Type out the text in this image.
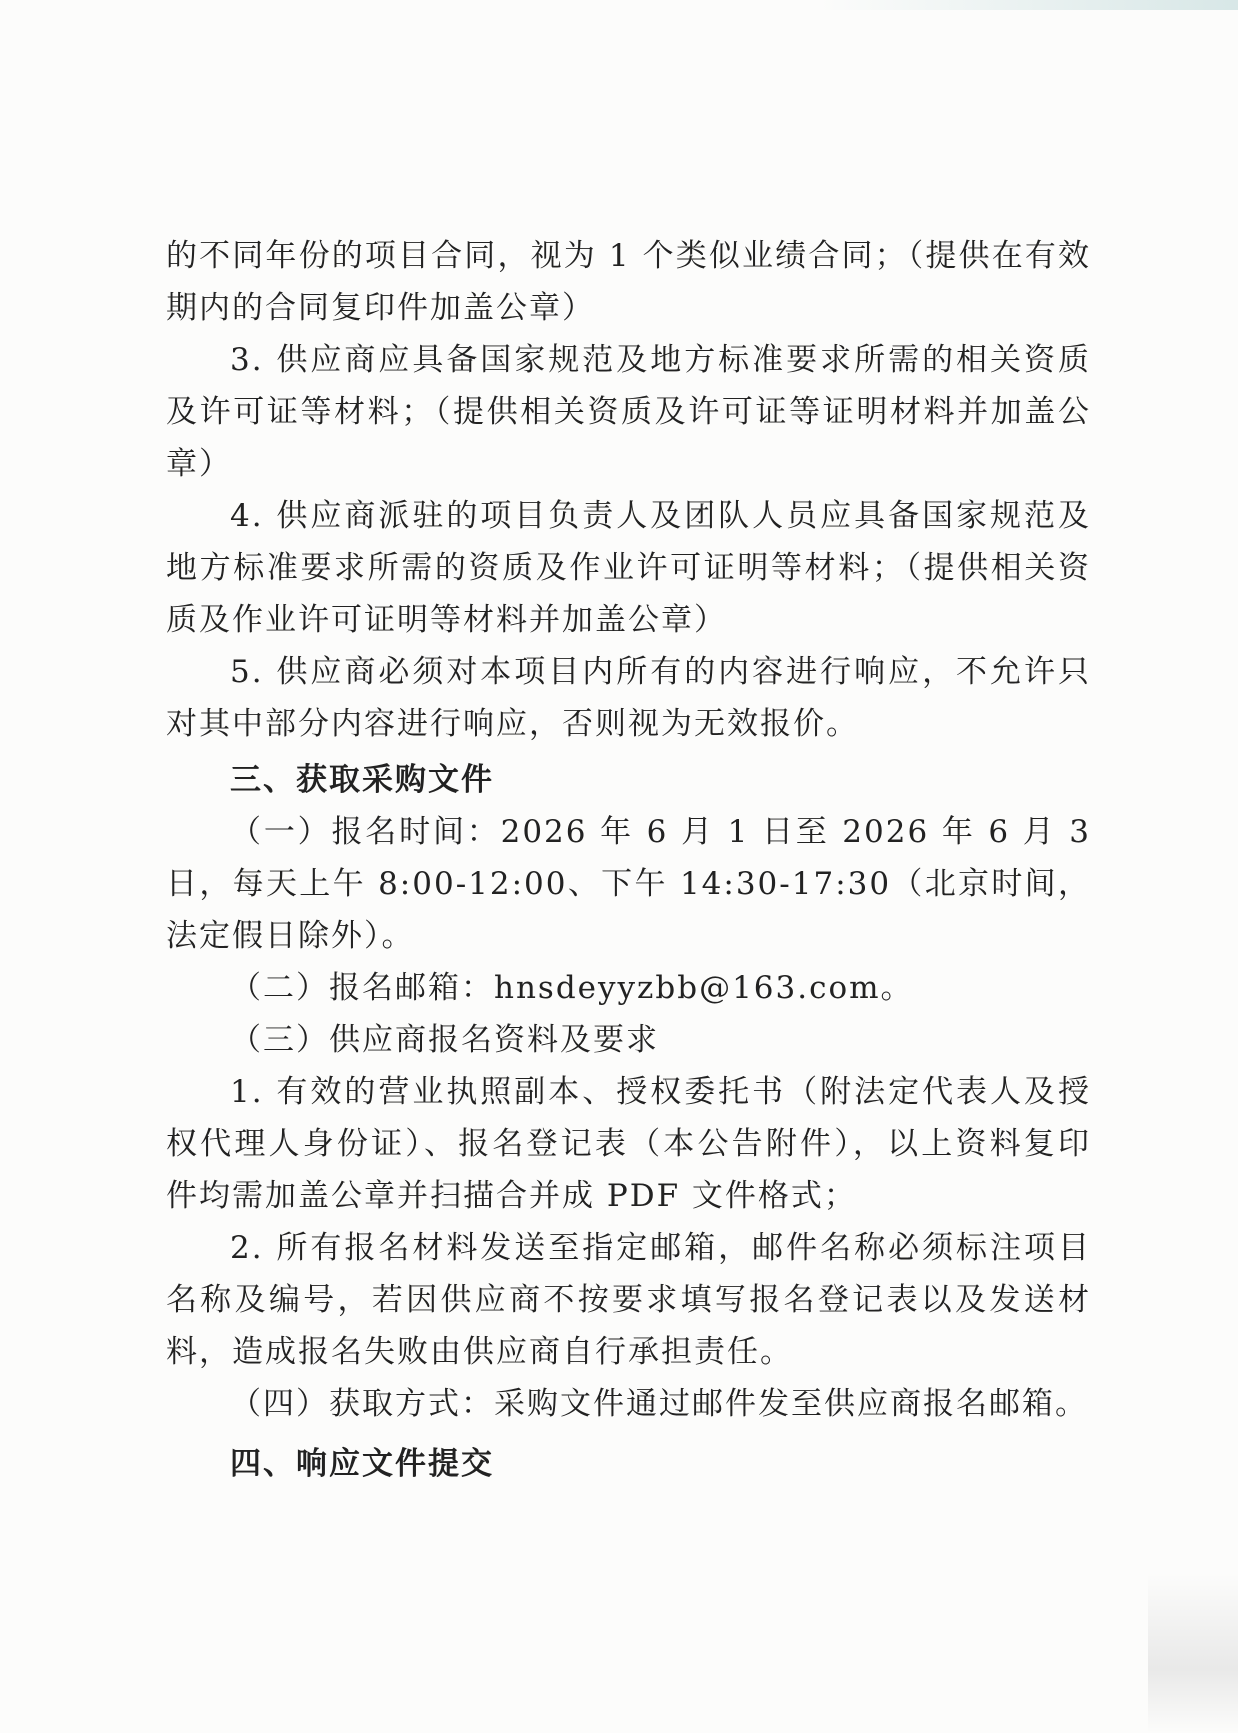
的不同年份的项目合同，视为 1 个类似业绩合同；（提供在有效期内的合同复印件加盖公章）

3. 供应商应具备国家规范及地方标准要求所需的相关资质及许可证等材料；（提供相关资质及许可证等证明材料并加盖公章）

4. 供应商派驻的项目负责人及团队人员应具备国家规范及地方标准要求所需的资质及作业许可证明等材料；（提供相关资质及作业许可证明等材料并加盖公章）

5. 供应商必须对本项目内所有的内容进行响应，不允许只对其中部分内容进行响应，否则视为无效报价。

三、获取采购文件

（一）报名时间：2026 年 6 月 1 日至 2026 年 6 月 3 日，每天上午 8:00-12:00、下午 14:30-17:30（北京时间，法定假日除外）。

（二）报名邮箱：hnsdeyyzbb@163.com。

（三）供应商报名资料及要求

1. 有效的营业执照副本、授权委托书（附法定代表人及授权代理人身份证）、报名登记表（本公告附件），以上资料复印件均需加盖公章并扫描合并成 PDF 文件格式；

2. 所有报名材料发送至指定邮箱，邮件名称必须标注项目名称及编号，若因供应商不按要求填写报名登记表以及发送材料，造成报名失败由供应商自行承担责任。

（四）获取方式：采购文件通过邮件发至供应商报名邮箱。

四、响应文件提交
